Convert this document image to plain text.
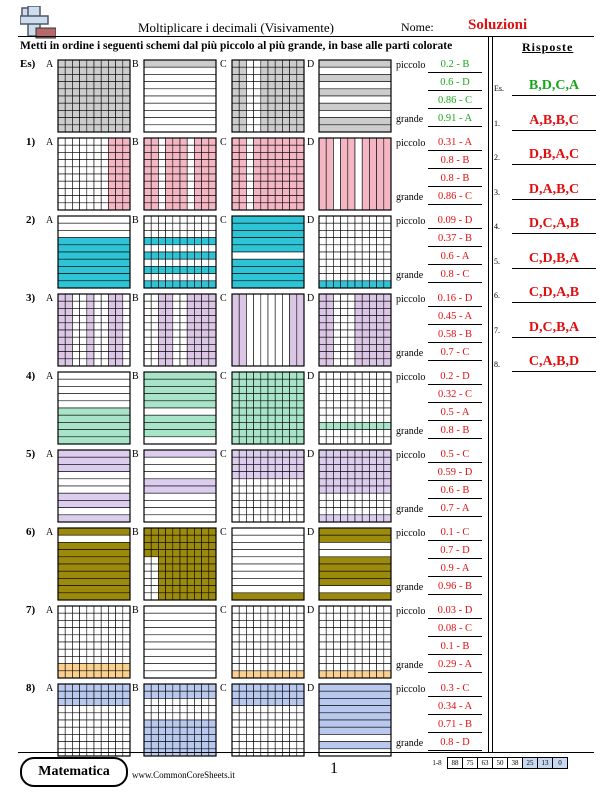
Moltiplicare i decimali (Visivamente)	Nome: Soluzioni
Metti in ordine i seguenti schemi dal più piccolo al più grande, in base alle parti colorate	Risposte
Es.	B,D,C,A
1.	A,B,B,C
2.	D,B,A,C
3.	D,A,B,C
4.	D,C,A,B
5.	C,D,B,A
6.	C,D,A,B
7.	D,C,B,A
8.	C,A,B,D
Es) A	B	C	D	piccolo
grande
0.2 - B
0.6 - D
0.86 - C
0.91 - A
1) A	B	C	D	piccolo
grande
0.31 - A
0.8 - B
0.8 - B
0.86 - C
2) A	B	C	D	piccolo
grande
0.09 - D
0.37 - B
0.6 - A
0.8 - C
3) A	B	C	D	piccolo
grande
0.16 - D
0.45 - A
0.58 - B
0.7 - C
4) A	B	C	D	piccolo
grande
0.2 - D
0.32 - C
0.5 - A
0.8 - B
5) A	B	C	D	piccolo
grande
0.5 - C
0.59 - D
0.6 - B
0.7 - A
6) A	B	C	D	piccolo
grande
0.1 - C
0.7 - D
0.9 - A
0.96 - B
7) A	B	C	D	piccolo
grande
0.03 - D
0.08 - C
0.1 - B
0.29 - A
8) A	B	C	D	piccolo
grande
0.3 - C
0.34 - A
0.71 - B
0.8 - D
Matematica	www.CommonCoreSheets.it	1	1-8	88	75	63	50	38	25	13	0
